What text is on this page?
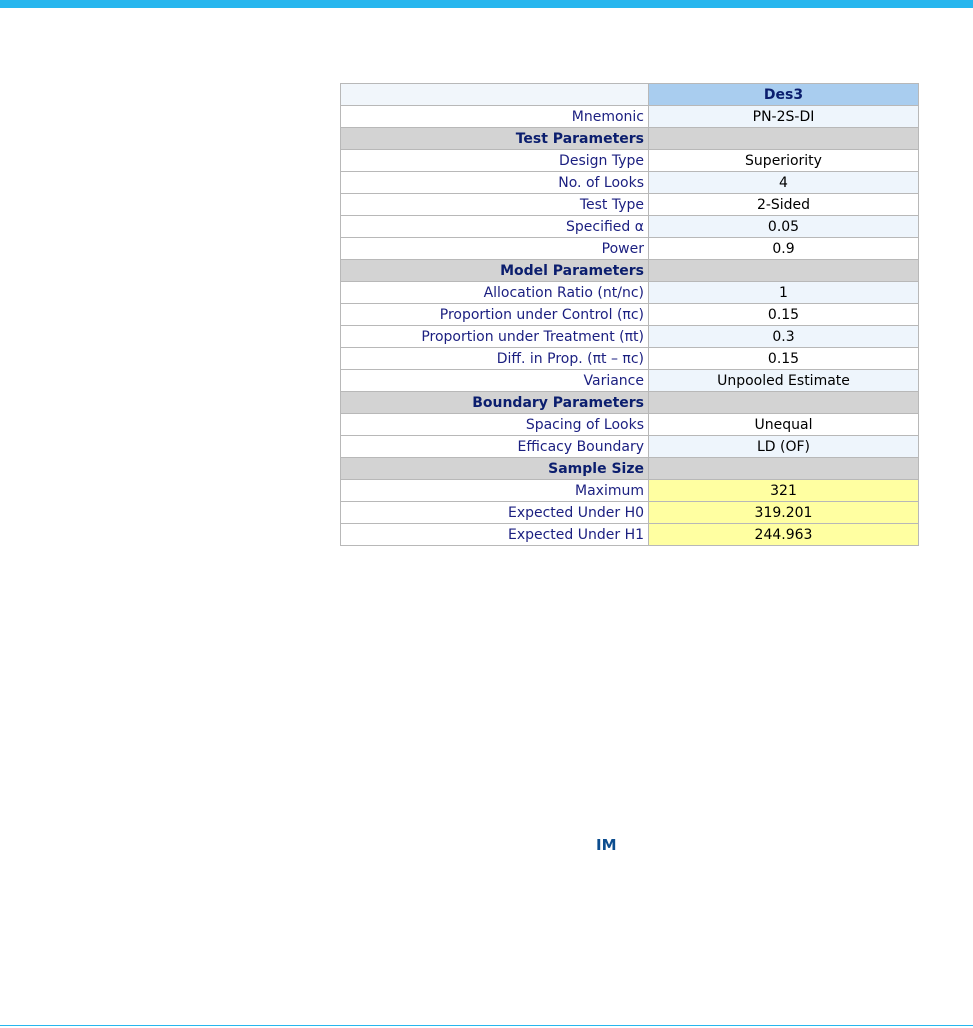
	Des3
Mnemonic	PN-2S-DI
Test Parameters	
Design Type	Superiority
No. of Looks	4
Test Type	2-Sided
Specified α	0.05
Power	0.9
Model Parameters	
Allocation Ratio (nt/nc)	1
Proportion under Control (πc)	0.15
Proportion under Treatment (πt)	0.3
Diff. in Prop. (πt – πc)	0.15
Variance	Unpooled Estimate
Boundary Parameters	
Spacing of Looks	Unequal
Efficacy Boundary	LD (OF)
Sample Size	
Maximum	321
Expected Under H0	319.201
Expected Under H1	244.963
IM
